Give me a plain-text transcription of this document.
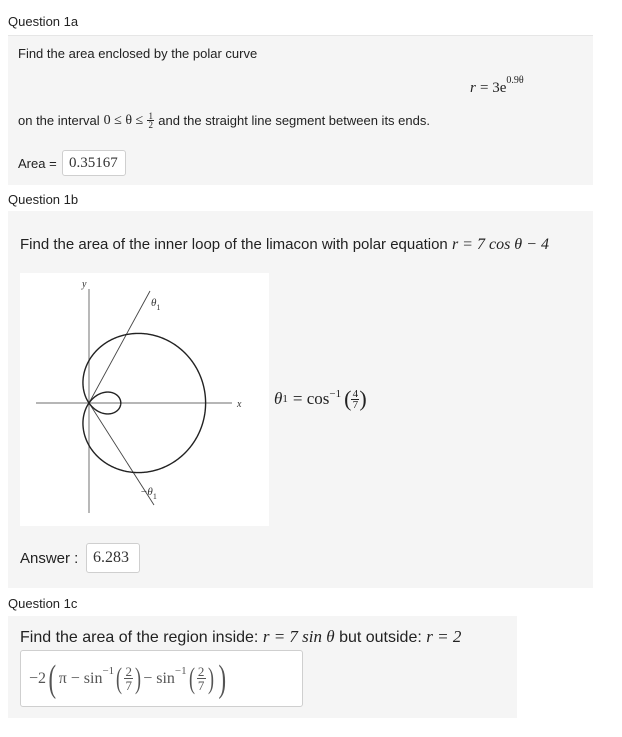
Question 1a
Find the area enclosed by the polar curve
$r = 3e^{0.9\theta}$
on the interval 0 ≤ θ ≤ 1
2 and the straight line segment between its ends.
Area = 0.35167
Question 1b
Find the area of the inner loop of the limacon with polar equation r = 7 cos θ − 4
x
y
$\theta_1$
$-\theta_1$
θ $1 = \cos^{-1}$ ( 4
7 )
Answer : 6.283
Question 1c
Find the area of the region inside: r = 7 sin θ but outside: r = 2
−2 ( $\pi - \sin^{-1}$ ( 2
7 ) − $\sin^{-1}$ ( 2
7 ) )
